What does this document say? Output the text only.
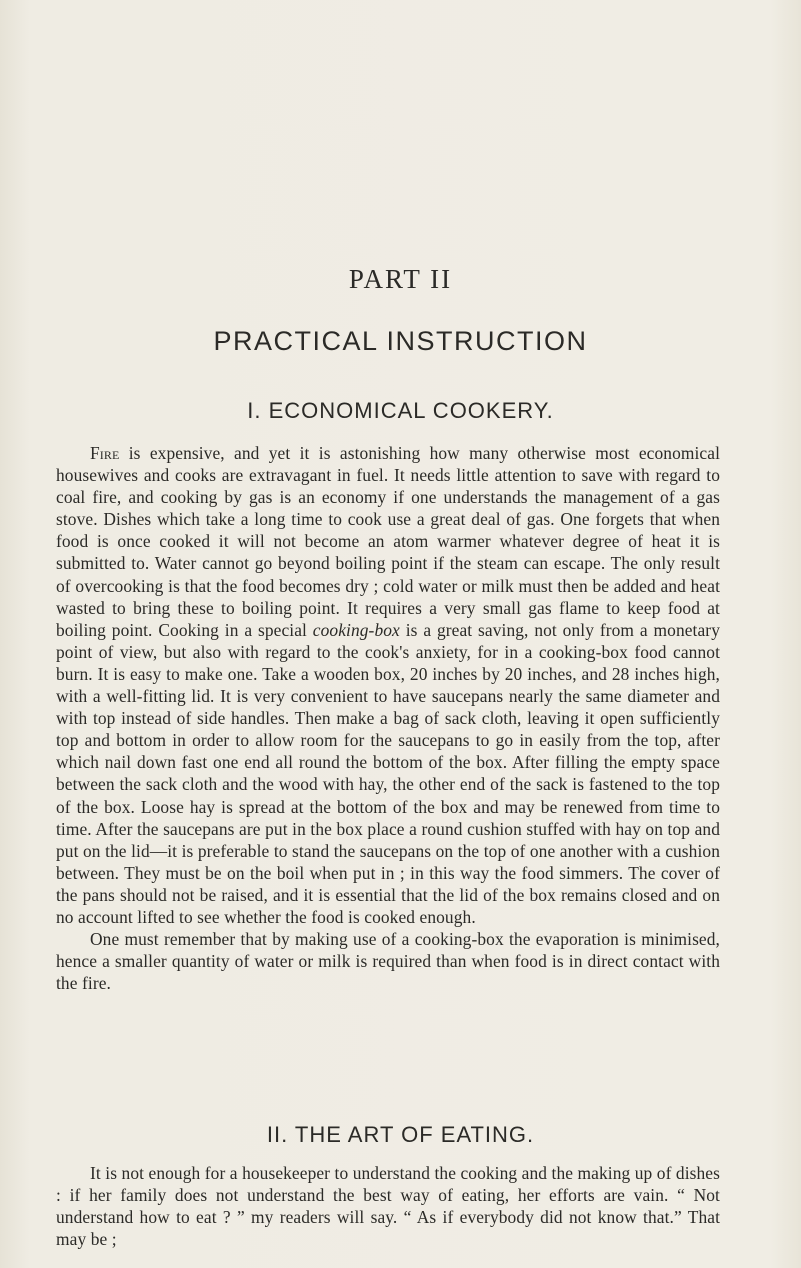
PART II
PRACTICAL INSTRUCTION
I. ECONOMICAL COOKERY.

Fire is expensive, and yet it is astonishing how many otherwise most economical housewives and cooks are extravagant in fuel. It needs little attention to save with regard to coal fire, and cooking by gas is an economy if one understands the management of a gas stove. Dishes which take a long time to cook use a great deal of gas. One forgets that when food is once cooked it will not become an atom warmer whatever degree of heat it is submitted to. Water cannot go beyond boiling point if the steam can escape. The only result of overcooking is that the food becomes dry ; cold water or milk must then be added and heat wasted to bring these to boiling point. It requires a very small gas flame to keep food at boiling point. Cooking in a special cooking-box is a great saving, not only from a monetary point of view, but also with regard to the cook's anxiety, for in a cooking-box food cannot burn. It is easy to make one. Take a wooden box, 20 inches by 20 inches, and 28 inches high, with a well-fitting lid. It is very convenient to have saucepans nearly the same diameter and with top instead of side handles. Then make a bag of sack cloth, leaving it open sufficiently top and bottom in order to allow room for the saucepans to go in easily from the top, after which nail down fast one end all round the bottom of the box. After filling the empty space between the sack cloth and the wood with hay, the other end of the sack is fastened to the top of the box. Loose hay is spread at the bottom of the box and may be renewed from time to time. After the saucepans are put in the box place a round cushion stuffed with hay on top and put on the lid—it is preferable to stand the saucepans on the top of one another with a cushion between. They must be on the boil when put in ; in this way the food simmers. The cover of the pans should not be raised, and it is essential that the lid of the box remains closed and on no account lifted to see whether the food is cooked enough.
One must remember that by making use of a cooking-box the evaporation is minimised, hence a smaller quantity of water or milk is required than when food is in direct contact with the fire.

II. THE ART OF EATING.

It is not enough for a housekeeper to understand the cooking and the making up of dishes : if her family does not understand the best way of eating, her efforts are vain. “ Not understand how to eat ? ” my readers will say. “ As if everybody did not know that.” That may be ;
